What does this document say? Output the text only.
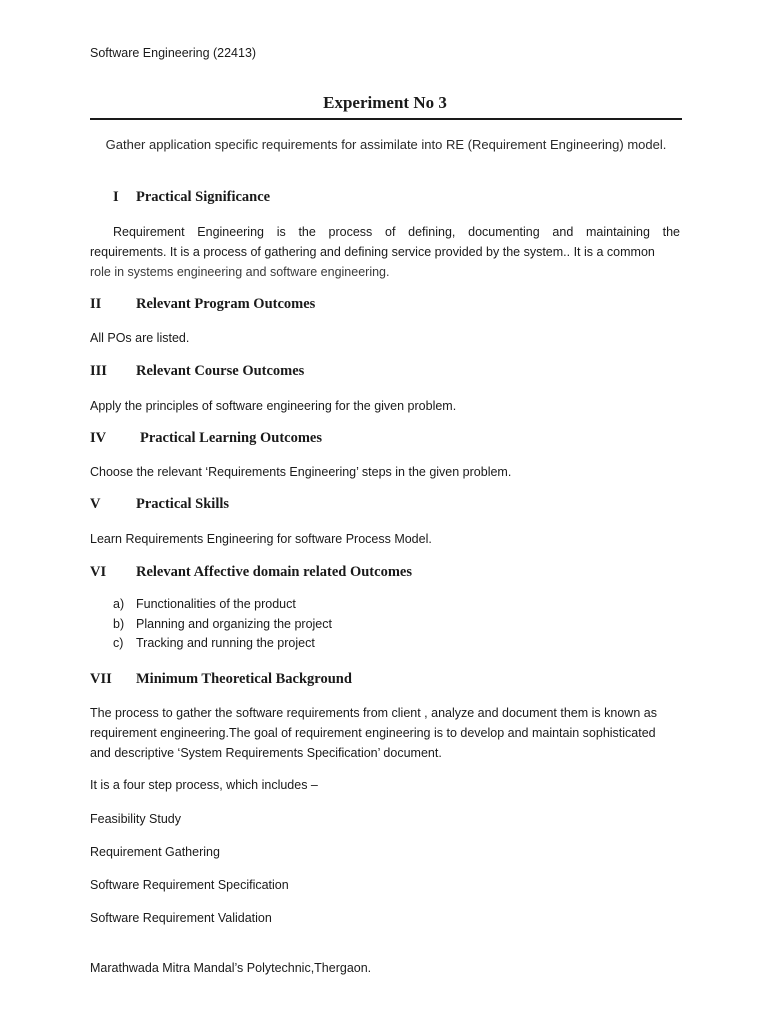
Software Engineering (22413)
Experiment No 3
Gather application specific requirements for assimilate into RE (Requirement Engineering) model.
I Practical Significance
Requirement Engineering is the process of defining, documenting and maintaining the
requirements. It is a process of gathering and defining service provided by the system.. It is a common
role in systems engineering and software engineering.
II Relevant Program Outcomes
All POs are listed.
III Relevant Course Outcomes
Apply the principles of software engineering for the given problem.
IV Practical Learning Outcomes
Choose the relevant ‘Requirements Engineering’ steps in the given problem.
V Practical Skills
Learn Requirements Engineering for software Process Model.
VI Relevant Affective domain related Outcomes
a) Functionalities of the product
b) Planning and organizing the project
c) Tracking and running the project
VII Minimum Theoretical Background
The process to gather the software requirements from client , analyze and document them is known as
requirement engineering.The goal of requirement engineering is to develop and maintain sophisticated
and descriptive ‘System Requirements Specification’ document.
It is a four step process, which includes –
Feasibility Study
Requirement Gathering
Software Requirement Specification
Software Requirement Validation
Marathwada Mitra Mandal’s Polytechnic,Thergaon.
